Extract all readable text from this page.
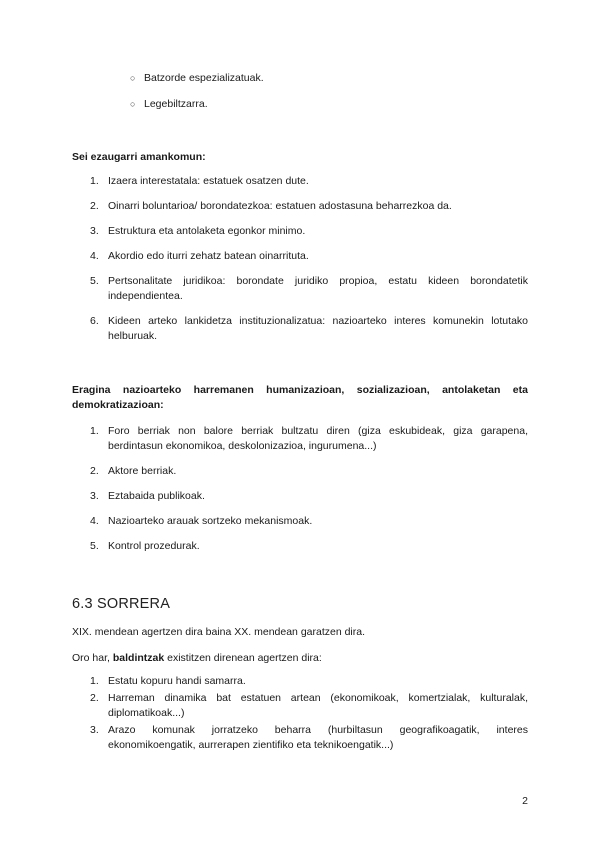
○ Batzorde espezializatuak.
○ Legebiltzarra.

Sei ezaugarri amankomun:

1. Izaera interestatala: estatuek osatzen dute.
2. Oinarri boluntarioa/ borondatezkoa: estatuen adostasuna beharrezkoa da.
3. Estruktura eta antolaketa egonkor minimo.
4. Akordio edo iturri zehatz batean oinarrituta.
5. Pertsonalitate juridikoa: borondate juridiko propioa, estatu kideen borondatetik independientea.
6. Kideen arteko lankidetza instituzionalizatua: nazioarteko interes komunekin lotutako helburuak.

Eragina nazioarteko harremanen humanizazioan, sozializazioan, antolaketan eta demokratizazioan:

1. Foro berriak non balore berriak bultzatu diren (giza eskubideak, giza garapena, berdintasun ekonomikoa, deskolonizazioa, ingurumena...)
2. Aktore berriak.
3. Eztabaida publikoak.
4. Nazioarteko arauak sortzeko mekanismoak.
5. Kontrol prozedurak.
6.3 SORRERA

XIX. mendean agertzen dira baina XX. mendean garatzen dira.

Oro har, baldintzak existitzen direnean agertzen dira:

1. Estatu kopuru handi samarra.
2. Harreman dinamika bat estatuen artean (ekonomikoak, komertzialak, kulturalak, diplomatikoak...)
3. Arazo komunak jorratzeko beharra (hurbiltasun geografikoagatik, interes ekonomikoengatik, aurrerapen zientifiko eta teknikoengatik...)
2
